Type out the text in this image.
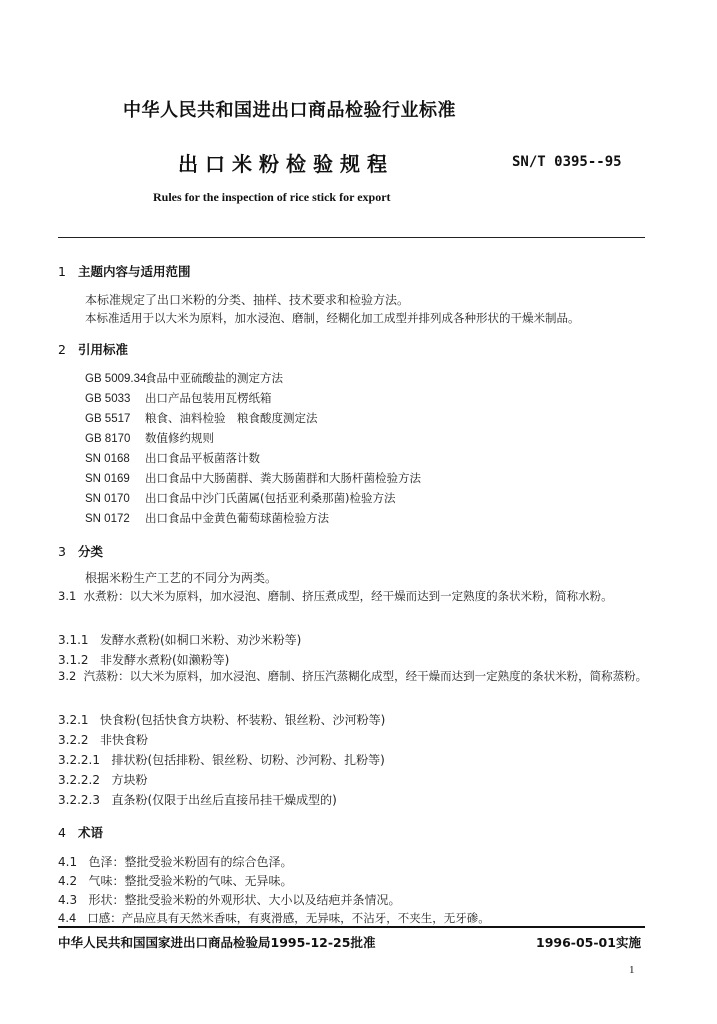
中华人民共和国进出口商品检验行业标准
出口米粉检验规程	SN/T 0395--95
Rules for the inspection of rice stick for export
1 主题内容与适用范围
本标准规定了出口米粉的分类、抽样、技术要求和检验方法。
本标准适用于以大米为原料，加水浸泡、磨制，经糊化加工成型并排列成各种形状的干燥米制品。
2 引用标准
GB 5009.34食品中亚硫酸盐的测定方法
GB 5033 出口产品包装用瓦楞纸箱
GB 5517 粮食、油料检验　粮食酸度测定法
GB 8170 数值修约规则
SN 0168 出口食品平板菌落计数
SN 0169 出口食品中大肠菌群、粪大肠菌群和大肠杆菌检验方法
SN 0170 出口食品中沙门氏菌属(包括亚利桑那菌)检验方法
SN 0172 出口食品中金黄色葡萄球菌检验方法
3 分类
根据米粉生产工艺的不同分为两类。
3.1 水煮粉：以大米为原料，加水浸泡、磨制、挤压煮成型，经干燥而达到一定熟度的条状米粉，简称水粉。
3.1.1 发酵水煮粉(如桐口米粉、劝沙米粉等)
3.1.2 非发酵水煮粉(如濑粉等)
3.2 汽蒸粉：以大米为原料，加水浸泡、磨制、挤压汽蒸糊化成型，经干燥而达到一定熟度的条状米粉，简称蒸粉。
3.2.1 快食粉(包括快食方块粉、杯装粉、银丝粉、沙河粉等)
3.2.2 非快食粉
3.2.2.1 排状粉(包括排粉、银丝粉、切粉、沙河粉、扎粉等)
3.2.2.2 方块粉
3.2.2.3 直条粉(仅限于出丝后直接吊挂干燥成型的)
4 术语
4.1 色泽：整批受验米粉固有的综合色泽。
4.2 气味：整批受验米粉的气味、无异味。
4.3 形状：整批受验米粉的外观形状、大小以及结疤并条情况。
4.4 口感：产品应具有天然米香味，有爽滑感，无异味，不沾牙，不夹生，无牙碜。
中华人民共和国国家进出口商品检验局1995-12-25批准	1996-05-01实施
1
